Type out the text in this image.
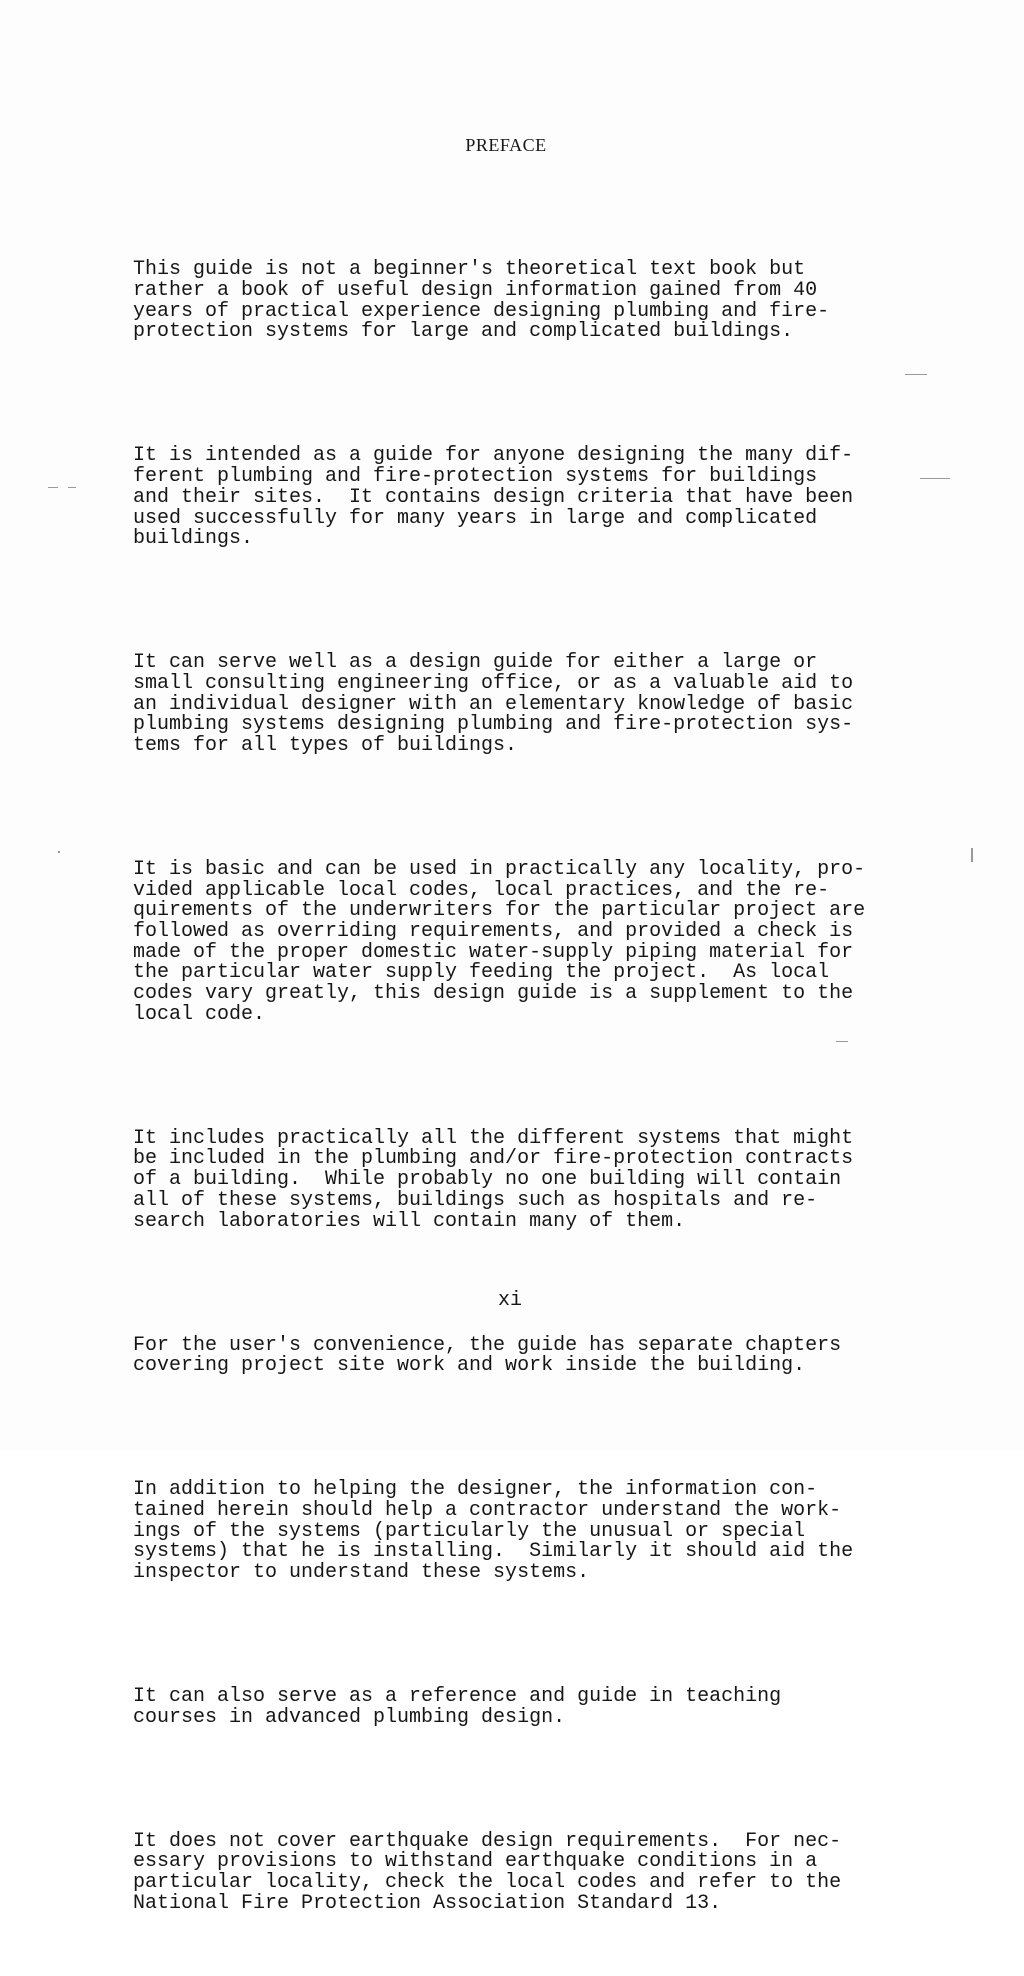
PREFACE

This guide is not a beginner's theoretical text book but
rather a book of useful design information gained from 40
years of practical experience designing plumbing and fire-
protection systems for large and complicated buildings.

It is intended as a guide for anyone designing the many dif-
ferent plumbing and fire-protection systems for buildings
and their sites.  It contains design criteria that have been
used successfully for many years in large and complicated
buildings.

It can serve well as a design guide for either a large or
small consulting engineering office, or as a valuable aid to
an individual designer with an elementary knowledge of basic
plumbing systems designing plumbing and fire-protection sys-
tems for all types of buildings.

It is basic and can be used in practically any locality, pro-
vided applicable local codes, local practices, and the re-
quirements of the underwriters for the particular project are
followed as overriding requirements, and provided a check is
made of the proper domestic water-supply piping material for
the particular water supply feeding the project.  As local
codes vary greatly, this design guide is a supplement to the
local code.

It includes practically all the different systems that might
be included in the plumbing and/or fire-protection contracts
of a building.  While probably no one building will contain
all of these systems, buildings such as hospitals and re-
search laboratories will contain many of them.

For the user's convenience, the guide has separate chapters
covering project site work and work inside the building.

In addition to helping the designer, the information con-
tained herein should help a contractor understand the work-
ings of the systems (particularly the unusual or special
systems) that he is installing.  Similarly it should aid the
inspector to understand these systems.

It can also serve as a reference and guide in teaching
courses in advanced plumbing design.

It does not cover earthquake design requirements.  For nec-
essary provisions to withstand earthquake conditions in a
particular locality, check the local codes and refer to the
National Fire Protection Association Standard 13.

xi
